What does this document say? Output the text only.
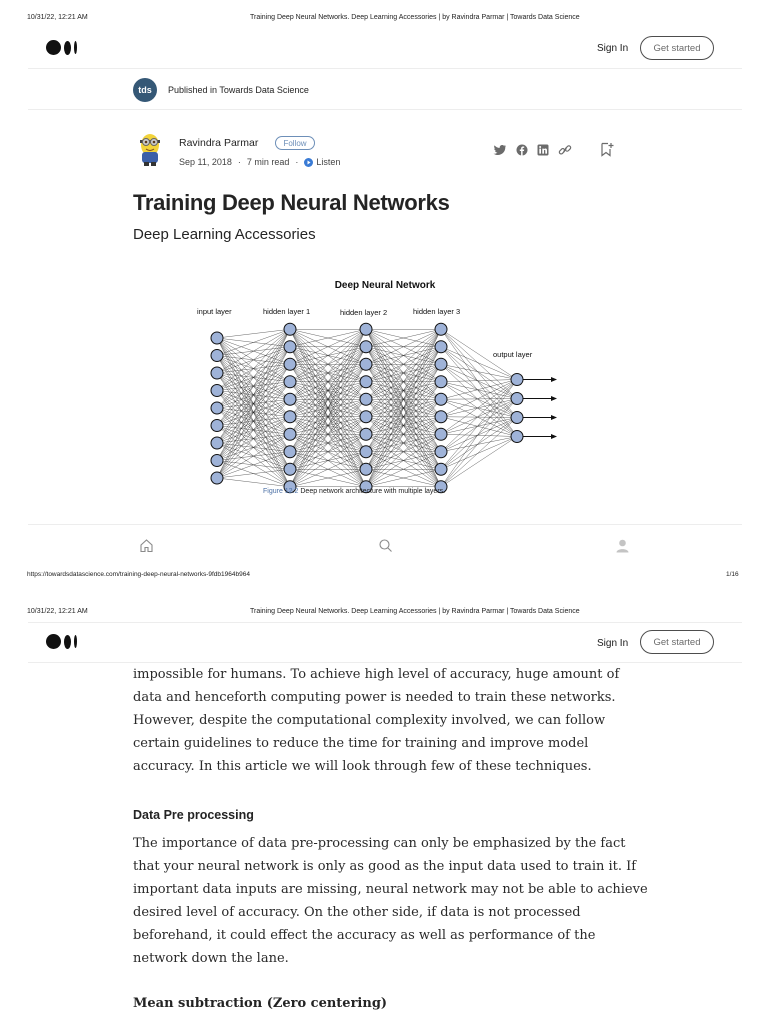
10/31/22, 12:21 AM	Training Deep Neural Networks. Deep Learning Accessories | by Ravindra Parmar | Towards Data Science
Sign In	Get started
tds	Published in Towards Data Science
Ravindra Parmar	Follow
Sep 11, 2018 · 7 min read · Listen
Training Deep Neural Networks
Deep Learning Accessories
Deep Neural Network
input layer	hidden layer 1	hidden layer 2	hidden layer 3
output layer
Figure 12.2 Deep network architecture with multiple layers.
https://towardsdatascience.com/training-deep-neural-networks-9fdb1964b964	1/16
10/31/22, 12:21 AM	Training Deep Neural Networks. Deep Learning Accessories | by Ravindra Parmar | Towards Data Science
Sign In	Get started

impossible for humans. To achieve high level of accuracy, huge amount of

data and henceforth computing power is needed to train these networks.

However, despite the computational complexity involved, we can follow

certain guidelines to reduce the time for training and improve model

accuracy. In this article we will look through few of these techniques.

Data Pre processing

The importance of data pre-processing can only be emphasized by the fact

that your neural network is only as good as the input data used to train it. If

important data inputs are missing, neural network may not be able to achieve

desired level of accuracy. On the other side, if data is not processed

beforehand, it could effect the accuracy as well as performance of the

network down the lane.

Mean subtraction (Zero centering)
